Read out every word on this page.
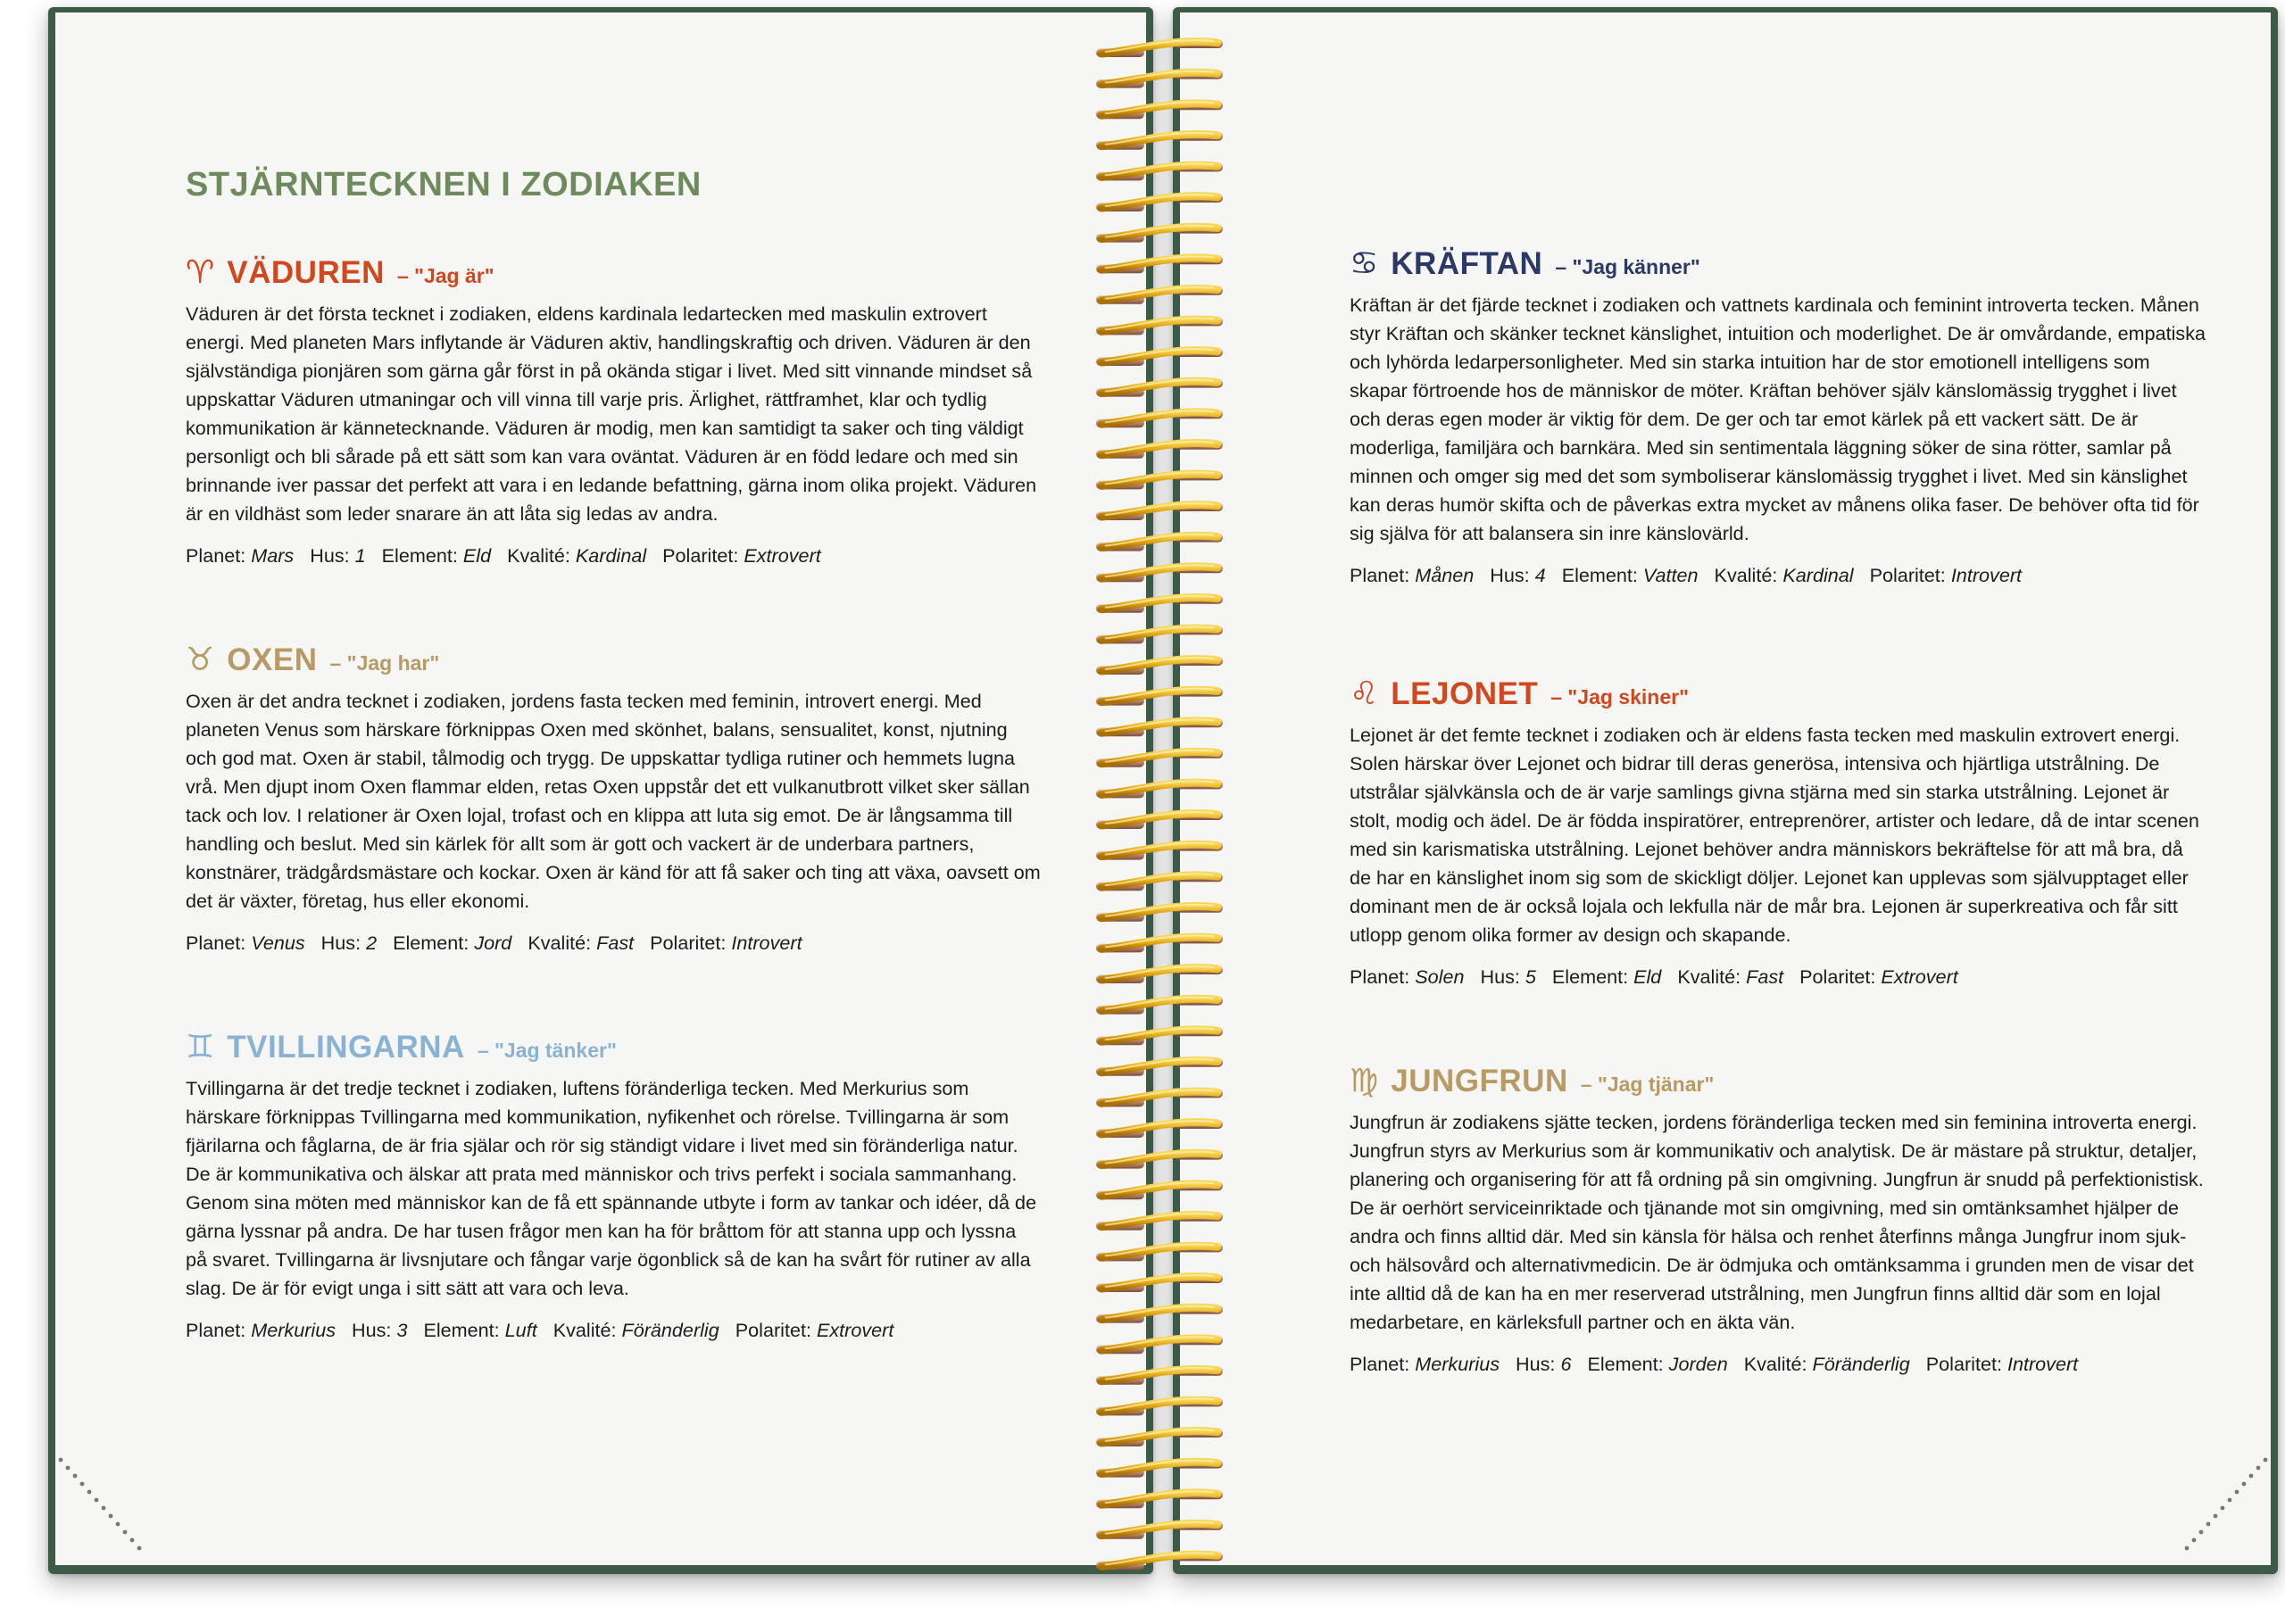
STJÄRNTECKNEN I ZODIAKEN
♈ VÄDUREN – "Jag är"

Väduren är det första tecknet i zodiaken, eldens kardinala ledartecken med maskulin extrovert energi. Med planeten Mars inflytande är Väduren aktiv, handlingskraftig och driven. Väduren är den självständiga pionjären som gärna går först in på okända stigar i livet. Med sitt vinnande mindset så uppskattar Väduren utmaningar och vill vinna till varje pris. Ärlighet, rättframhet, klar och tydlig kommunikation är kännetecknande. Väduren är modig, men kan samtidigt ta saker och ting väldigt personligt och bli sårade på ett sätt som kan vara oväntat. Väduren är en född ledare och med sin brinnande iver passar det perfekt att vara i en ledande befattning, gärna inom olika projekt. Väduren är en vildhäst som leder snarare än att låta sig ledas av andra.

Planet: Mars Hus: 1 Element: Eld Kvalité: Kardinal Polaritet: Extrovert
♉ OXEN – "Jag har"

Oxen är det andra tecknet i zodiaken, jordens fasta tecken med feminin, introvert energi. Med planeten Venus som härskare förknippas Oxen med skönhet, balans, sensualitet, konst, njutning och god mat. Oxen är stabil, tålmodig och trygg. De uppskattar tydliga rutiner och hemmets lugna vrå. Men djupt inom Oxen flammar elden, retas Oxen uppstår det ett vulkanutbrott vilket sker sällan tack och lov. I relationer är Oxen lojal, trofast och en klippa att luta sig emot. De är långsamma till handling och beslut. Med sin kärlek för allt som är gott och vackert är de underbara partners, konstnärer, trädgårdsmästare och kockar. Oxen är känd för att få saker och ting att växa, oavsett om det är växter, företag, hus eller ekonomi.

Planet: Venus Hus: 2 Element: Jord Kvalité: Fast Polaritet: Introvert
♊ TVILLINGARNA – "Jag tänker"

Tvillingarna är det tredje tecknet i zodiaken, luftens föränderliga tecken. Med Merkurius som härskare förknippas Tvillingarna med kommunikation, nyfikenhet och rörelse. Tvillingarna är som fjärilarna och fåglarna, de är fria själar och rör sig ständigt vidare i livet med sin föränderliga natur. De är kommunikativa och älskar att prata med människor och trivs perfekt i sociala sammanhang. Genom sina möten med människor kan de få ett spännande utbyte i form av tankar och idéer, då de gärna lyssnar på andra. De har tusen frågor men kan ha för bråttom för att stanna upp och lyssna på svaret. Tvillingarna är livsnjutare och fångar varje ögonblick så de kan ha svårt för rutiner av alla slag. De är för evigt unga i sitt sätt att vara och leva.

Planet: Merkurius Hus: 3 Element: Luft Kvalité: Föränderlig Polaritet: Extrovert
♋ KRÄFTAN – "Jag känner"

Kräftan är det fjärde tecknet i zodiaken och vattnets kardinala och feminint introverta tecken. Månen styr Kräftan och skänker tecknet känslighet, intuition och moderlighet. De är omvårdande, empatiska och lyhörda ledarpersonligheter. Med sin starka intuition har de stor emotionell intelligens som skapar förtroende hos de människor de möter. Kräftan behöver själv känslomässig trygghet i livet och deras egen moder är viktig för dem. De ger och tar emot kärlek på ett vackert sätt. De är moderliga, familjära och barnkära. Med sin sentimentala läggning söker de sina rötter, samlar på minnen och omger sig med det som symboliserar känslomässig trygghet i livet. Med sin känslighet kan deras humör skifta och de påverkas extra mycket av månens olika faser. De behöver ofta tid för sig själva för att balansera sin inre känslovärld.

Planet: Månen Hus: 4 Element: Vatten Kvalité: Kardinal Polaritet: Introvert
♌ LEJONET – "Jag skiner"

Lejonet är det femte tecknet i zodiaken och är eldens fasta tecken med maskulin extrovert energi. Solen härskar över Lejonet och bidrar till deras generösa, intensiva och hjärtliga utstrålning. De utstrålar självkänsla och de är varje samlings givna stjärna med sin starka utstrålning. Lejonet är stolt, modig och ädel. De är födda inspiratörer, entreprenörer, artister och ledare, då de intar scenen med sin karismatiska utstrålning. Lejonet behöver andra människors bekräftelse för att må bra, då de har en känslighet inom sig som de skickligt döljer. Lejonet kan upplevas som självupptaget eller dominant men de är också lojala och lekfulla när de mår bra. Lejonen är superkreativa och får sitt utlopp genom olika former av design och skapande.

Planet: Solen Hus: 5 Element: Eld Kvalité: Fast Polaritet: Extrovert
♍ JUNGFRUN – "Jag tjänar"

Jungfrun är zodiakens sjätte tecken, jordens föränderliga tecken med sin feminina introverta energi. Jungfrun styrs av Merkurius som är kommunikativ och analytisk. De är mästare på struktur, detaljer, planering och organisering för att få ordning på sin omgivning. Jungfrun är snudd på perfektionistisk. De är oerhört serviceinriktade och tjänande mot sin omgivning, med sin omtänksamhet hjälper de andra och finns alltid där. Med sin känsla för hälsa och renhet återfinns många Jungfrur inom sjuk- och hälsovård och alternativmedicin. De är ödmjuka och omtänksamma i grunden men de visar det inte alltid då de kan ha en mer reserverad utstrålning, men Jungfrun finns alltid där som en lojal medarbetare, en kärleksfull partner och en äkta vän.

Planet: Merkurius Hus: 6 Element: Jorden Kvalité: Föränderlig Polaritet: Introvert
